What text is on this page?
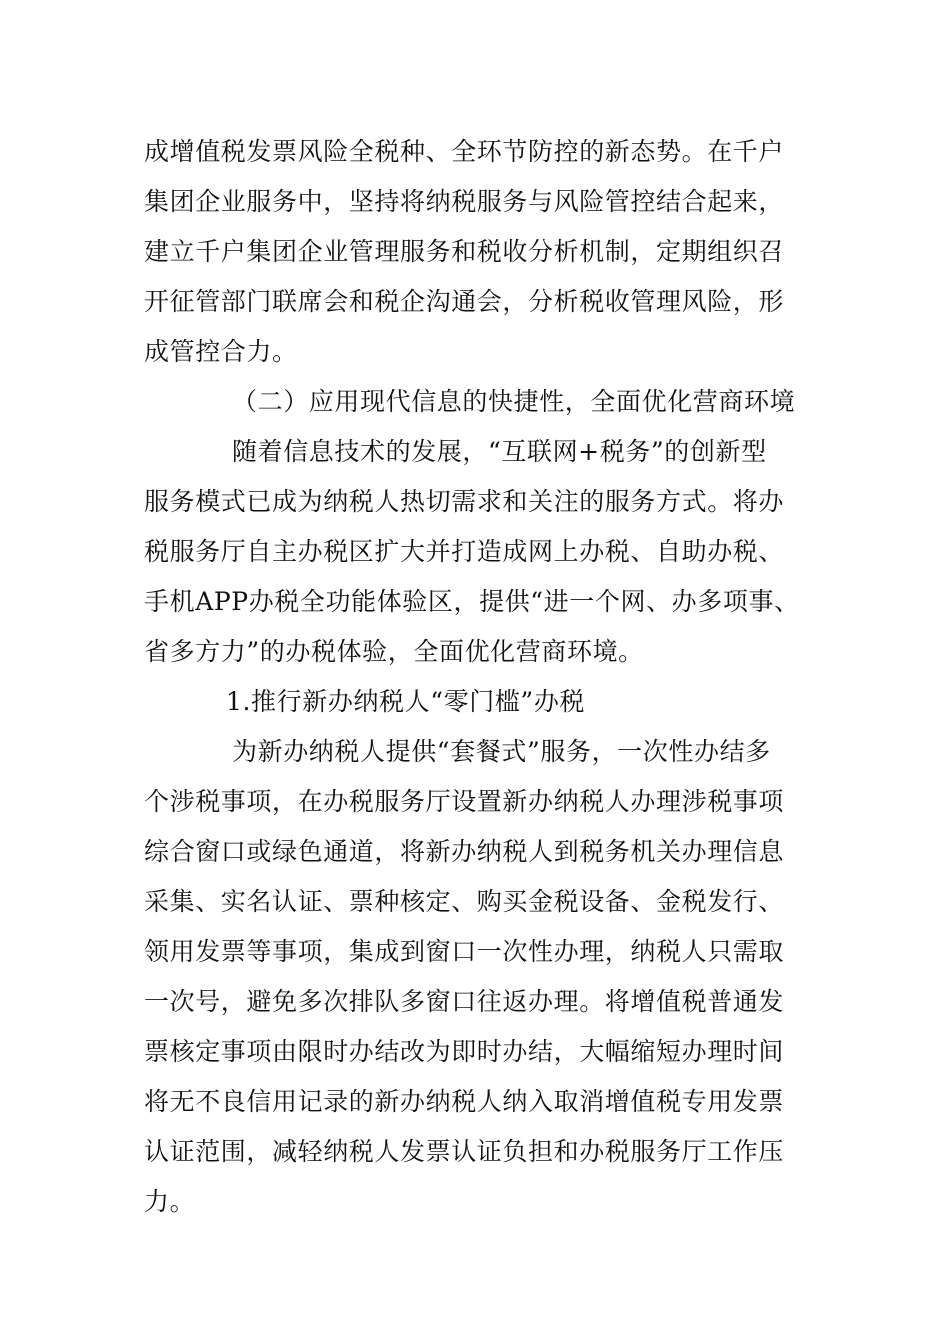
成增值税发票风险全税种、全环节防控的新态势。在千户
集团企业服务中，坚持将纳税服务与风险管控结合起来，
建立千户集团企业管理服务和税收分析机制，定期组织召
开征管部门联席会和税企沟通会，分析税收管理风险，形
成管控合力。
（二）应用现代信息的快捷性，全面优化营商环境
随着信息技术的发展，“互联网+税务”的创新型
服务模式已成为纳税人热切需求和关注的服务方式。将办
税服务厅自主办税区扩大并打造成网上办税、自助办税、
手机APP办税全功能体验区，提供“进一个网、办多项事、
省多方力”的办税体验，全面优化营商环境。
1.推行新办纳税人“零门槛”办税
为新办纳税人提供“套餐式”服务，一次性办结多
个涉税事项，在办税服务厅设置新办纳税人办理涉税事项
综合窗口或绿色通道，将新办纳税人到税务机关办理信息
采集、实名认证、票种核定、购买金税设备、金税发行、
领用发票等事项，集成到窗口一次性办理，纳税人只需取
一次号，避免多次排队多窗口往返办理。将增值税普通发
票核定事项由限时办结改为即时办结，大幅缩短办理时间
将无不良信用记录的新办纳税人纳入取消增值税专用发票
认证范围，减轻纳税人发票认证负担和办税服务厅工作压
力。
